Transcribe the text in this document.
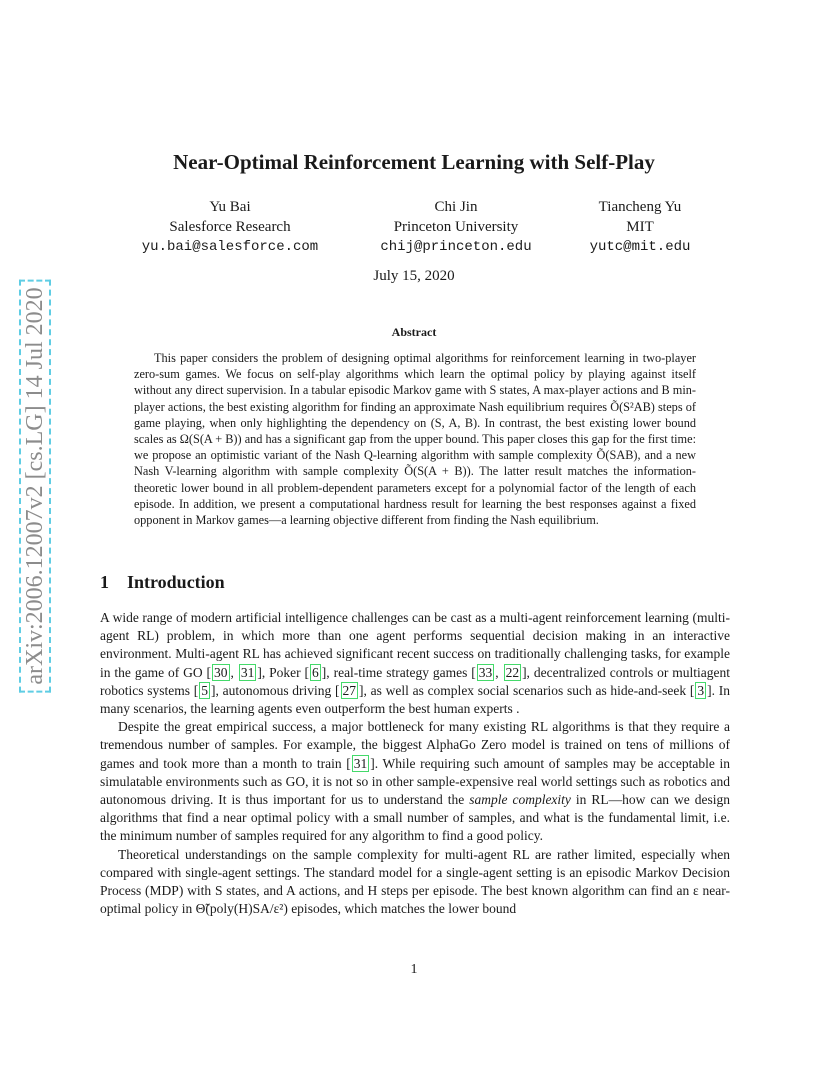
arXiv:2006.12007v2 [cs.LG] 14 Jul 2020
Near-Optimal Reinforcement Learning with Self-Play
Yu Bai
Salesforce Research
yu.bai@salesforce.com
Chi Jin
Princeton University
chij@princeton.edu
Tiancheng Yu
MIT
yutc@mit.edu
July 15, 2020
Abstract

This paper considers the problem of designing optimal algorithms for reinforcement learning in two-player zero-sum games. We focus on self-play algorithms which learn the optimal policy by playing against itself without any direct supervision. In a tabular episodic Markov game with S states, A max-player actions and B min-player actions, the best existing algorithm for finding an approximate Nash equilibrium requires Õ(S²AB) steps of game playing, when only highlighting the dependency on (S, A, B). In contrast, the best existing lower bound scales as Ω(S(A + B)) and has a significant gap from the upper bound. This paper closes this gap for the first time: we propose an optimistic variant of the Nash Q-learning algorithm with sample complexity Õ(SAB), and a new Nash V-learning algorithm with sample complexity Õ(S(A + B)). The latter result matches the information-theoretic lower bound in all problem-dependent parameters except for a polynomial factor of the length of each episode. In addition, we present a computational hardness result for learning the best responses against a fixed opponent in Markov games—a learning objective different from finding the Nash equilibrium.

1 Introduction

A wide range of modern artificial intelligence challenges can be cast as a multi-agent reinforcement learning (multi-agent RL) problem, in which more than one agent performs sequential decision making in an interactive environment. Multi-agent RL has achieved significant recent success on traditionally challenging tasks, for example in the game of GO [ 30 , 31 ], Poker [ 6 ], real-time strategy games [ 33 , 22 ], decentralized controls or multiagent robotics systems [ 5 ], autonomous driving [ 27 ], as well as complex social scenarios such as hide-and-seek [ 3 ]. In many scenarios, the learning agents even outperform the best human experts .

Despite the great empirical success, a major bottleneck for many existing RL algorithms is that they require a tremendous number of samples. For example, the biggest AlphaGo Zero model is trained on tens of millions of games and took more than a month to train [ 31 ]. While requiring such amount of samples may be acceptable in simulatable environments such as GO, it is not so in other sample-expensive real world settings such as robotics and autonomous driving. It is thus important for us to understand the sample complexity in RL—how can we design algorithms that find a near optimal policy with a small number of samples, and what is the fundamental limit, i.e. the minimum number of samples required for any algorithm to find a good policy.

Theoretical understandings on the sample complexity for multi-agent RL are rather limited, especially when compared with single-agent settings. The standard model for a single-agent setting is an episodic Markov Decision Process (MDP) with S states, and A actions, and H steps per episode. The best known algorithm can find an ε near-optimal policy in Θ̃(poly(H)SA/ε²) episodes, which matches the lower bound

1
